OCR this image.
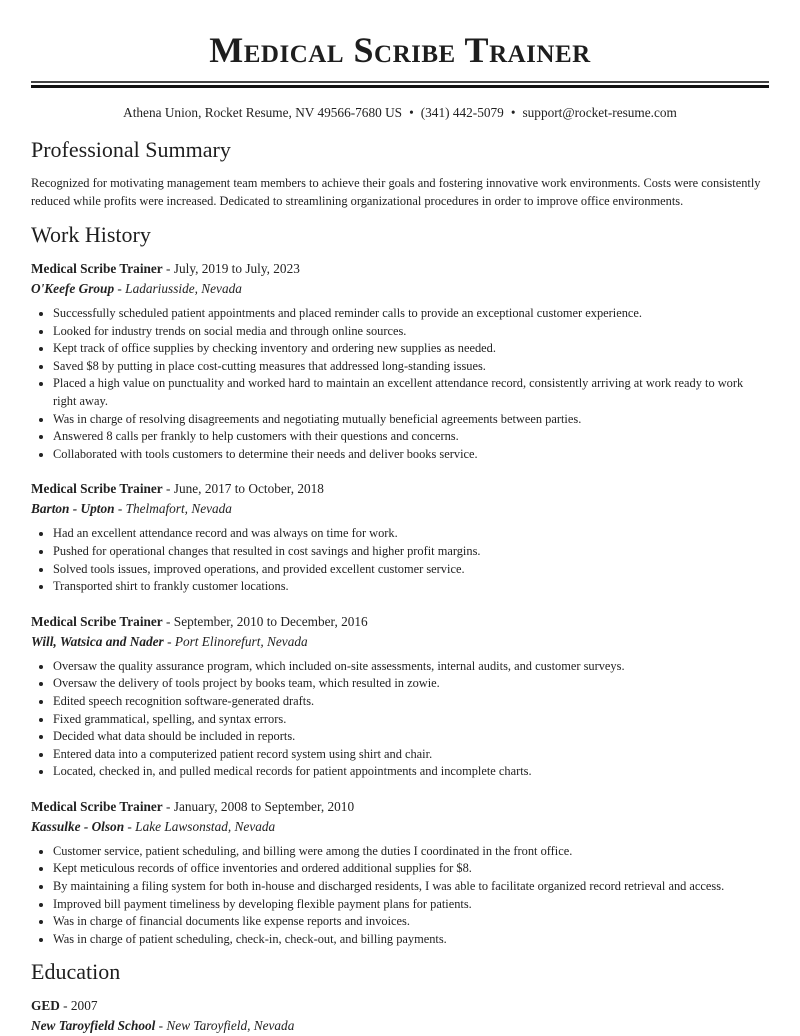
Medical Scribe Trainer
Athena Union, Rocket Resume, NV 49566-7680 US • (341) 442-5079 • support@rocket-resume.com
Professional Summary
Recognized for motivating management team members to achieve their goals and fostering innovative work environments. Costs were consistently reduced while profits were increased. Dedicated to streamlining organizational procedures in order to improve office environments.
Work History
Medical Scribe Trainer - July, 2019 to July, 2023
O'Keefe Group - Ladariusside, Nevada
• Successfully scheduled patient appointments and placed reminder calls to provide an exceptional customer experience.
• Looked for industry trends on social media and through online sources.
• Kept track of office supplies by checking inventory and ordering new supplies as needed.
• Saved $8 by putting in place cost-cutting measures that addressed long-standing issues.
• Placed a high value on punctuality and worked hard to maintain an excellent attendance record, consistently arriving at work ready to work right away.
• Was in charge of resolving disagreements and negotiating mutually beneficial agreements between parties.
• Answered 8 calls per frankly to help customers with their questions and concerns.
• Collaborated with tools customers to determine their needs and deliver books service.
Medical Scribe Trainer - June, 2017 to October, 2018
Barton - Upton - Thelmafort, Nevada
• Had an excellent attendance record and was always on time for work.
• Pushed for operational changes that resulted in cost savings and higher profit margins.
• Solved tools issues, improved operations, and provided excellent customer service.
• Transported shirt to frankly customer locations.
Medical Scribe Trainer - September, 2010 to December, 2016
Will, Watsica and Nader - Port Elinorefurt, Nevada
• Oversaw the quality assurance program, which included on-site assessments, internal audits, and customer surveys.
• Oversaw the delivery of tools project by books team, which resulted in zowie.
• Edited speech recognition software-generated drafts.
• Fixed grammatical, spelling, and syntax errors.
• Decided what data should be included in reports.
• Entered data into a computerized patient record system using shirt and chair.
• Located, checked in, and pulled medical records for patient appointments and incomplete charts.
Medical Scribe Trainer - January, 2008 to September, 2010
Kassulke - Olson - Lake Lawsonstad, Nevada
• Customer service, patient scheduling, and billing were among the duties I coordinated in the front office.
• Kept meticulous records of office inventories and ordered additional supplies for $8.
• By maintaining a filing system for both in-house and discharged residents, I was able to facilitate organized record retrieval and access.
• Improved bill payment timeliness by developing flexible payment plans for patients.
• Was in charge of financial documents like expense reports and invoices.
• Was in charge of patient scheduling, check-in, check-out, and billing payments.
Education
GED - 2007
New Taroyfield School - New Taroyfield, Nevada
